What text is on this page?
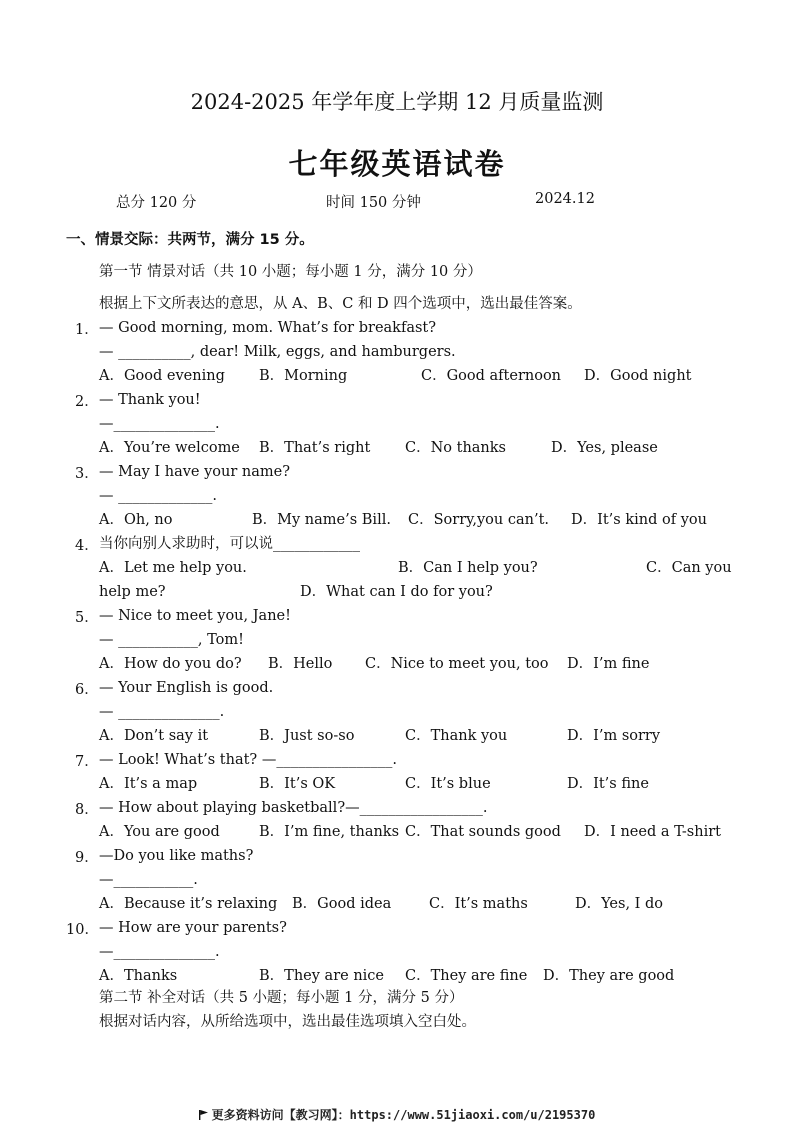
2024-2025 年学年度上学期 12 月质量监测
七年级英语试卷
总分 120 分	时间 150 分钟	2024.12
一、情景交际：共两节，满分 15 分。
第一节 情景对话（共 10 小题；每小题 1 分，满分 10 分）
根据上下文所表达的意思，从 A、B、C 和 D 四个选项中，选出最佳答案。
1． — Good morning, mom. What’s for breakfast?
— __________, dear! Milk, eggs, and hamburgers.
A．Good evening B．Morning	C．Good afternoon D．Good night
2． — Thank you!
—______________.
A．You’re welcome B．That’s right C．No thanks	D．Yes, please
3． — May I have your name?
— _____________.
A．Oh, no	B．My name’s Bill. C．Sorry,you can’t. D．It’s kind of you
4． 当你向别人求助时，可以说____________
A．Let me help you.	B．Can I help you?	C．Can you
help me?	D．What can I do for you?
5． — Nice to meet you, Jane!
— ___________, Tom!
A．How do you do? B．Hello C．Nice to meet you, too D．I’m fine
6． — Your English is good.
— ______________.
A．Don’t say it	B．Just so-so	C．Thank you	D．I’m sorry
7． — Look! What’s that? —________________.
A．It’s a map	B．It’s OK	C．It’s blue	D．It’s fine
8． — How about playing basketball?—_________________.
A．You are good	B．I’m fine, thanks C．That sounds good D．I need a T-shirt
9． —Do you like maths?
—___________.
A．Because it’s relaxing B．Good idea	C．It’s maths	D．Yes, I do
10． — How are your parents?
—______________.
A．Thanks	B．They are nice C．They are fine D．They are good
第二节 补全对话（共 5 小题；每小题 1 分，满分 5 分）
根据对话内容，从所给选项中，选出最佳选项填入空白处。
更多资料访问【教习网】：https://www.51jiaoxi.com/u/2195370
